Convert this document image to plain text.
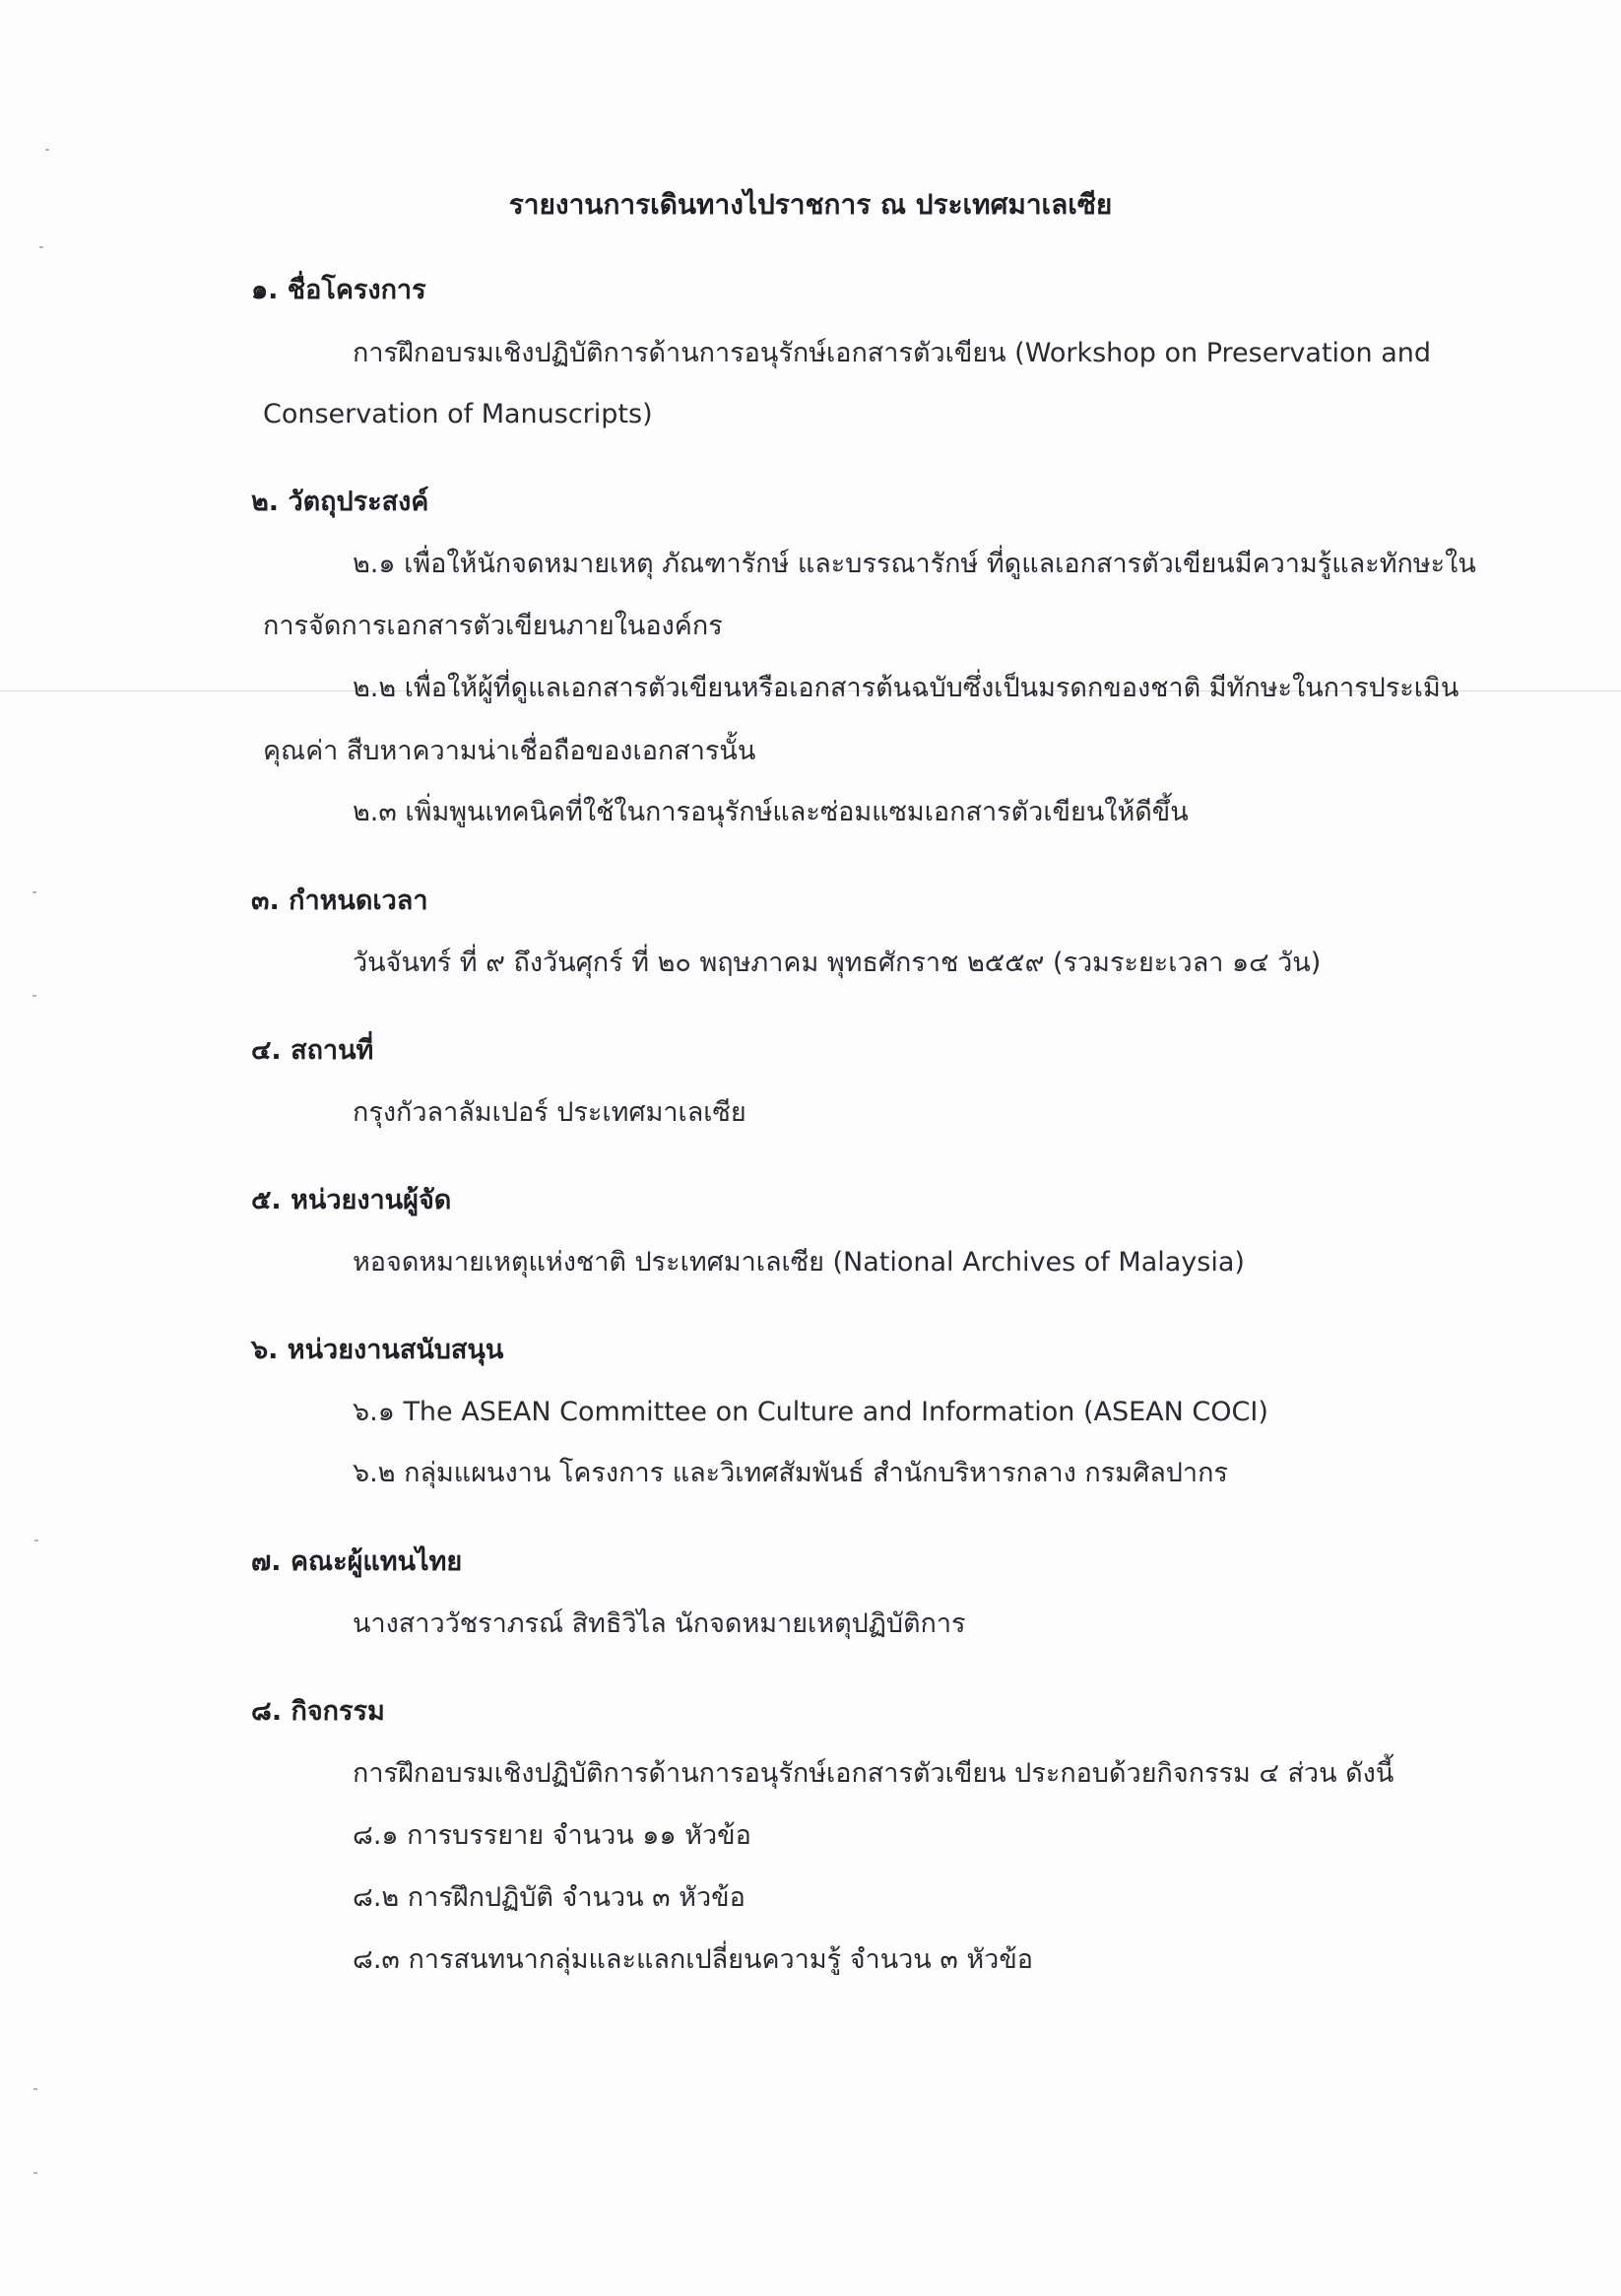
รายงานการเดินทางไปราชการ ณ ประเทศมาเลเซีย
๑. ชื่อโครงการ
การฝึกอบรมเชิงปฏิบัติการด้านการอนุรักษ์เอกสารตัวเขียน (Workshop on Preservation and
Conservation of Manuscripts)
๒. วัตถุประสงค์
๒.๑ เพื่อให้นักจดหมายเหตุ ภัณฑารักษ์ และบรรณารักษ์ ที่ดูแลเอกสารตัวเขียนมีความรู้และทักษะใน
การจัดการเอกสารตัวเขียนภายในองค์กร
๒.๒ เพื่อให้ผู้ที่ดูแลเอกสารตัวเขียนหรือเอกสารต้นฉบับซึ่งเป็นมรดกของชาติ มีทักษะในการประเมิน
คุณค่า สืบหาความน่าเชื่อถือของเอกสารนั้น
๒.๓ เพิ่มพูนเทคนิคที่ใช้ในการอนุรักษ์และซ่อมแซมเอกสารตัวเขียนให้ดีขึ้น
๓. กำหนดเวลา
วันจันทร์ ที่ ๙ ถึงวันศุกร์ ที่ ๒๐ พฤษภาคม พุทธศักราช ๒๕๕๙ (รวมระยะเวลา ๑๔ วัน)
๔. สถานที่
กรุงกัวลาลัมเปอร์ ประเทศมาเลเซีย
๕. หน่วยงานผู้จัด
หอจดหมายเหตุแห่งชาติ ประเทศมาเลเซีย (National Archives of Malaysia)
๖. หน่วยงานสนับสนุน
๖.๑ The ASEAN Committee on Culture and Information (ASEAN COCI)
๖.๒ กลุ่มแผนงาน โครงการ และวิเทศสัมพันธ์ สำนักบริหารกลาง กรมศิลปากร
๗. คณะผู้แทนไทย
นางสาววัชราภรณ์ สิทธิวิไล นักจดหมายเหตุปฏิบัติการ
๘. กิจกรรม
การฝึกอบรมเชิงปฏิบัติการด้านการอนุรักษ์เอกสารตัวเขียน ประกอบด้วยกิจกรรม ๔ ส่วน ดังนี้
๘.๑ การบรรยาย จำนวน ๑๑ หัวข้อ
๘.๒ การฝึกปฏิบัติ จำนวน ๓ หัวข้อ
๘.๓ การสนทนากลุ่มและแลกเปลี่ยนความรู้ จำนวน ๓ หัวข้อ
